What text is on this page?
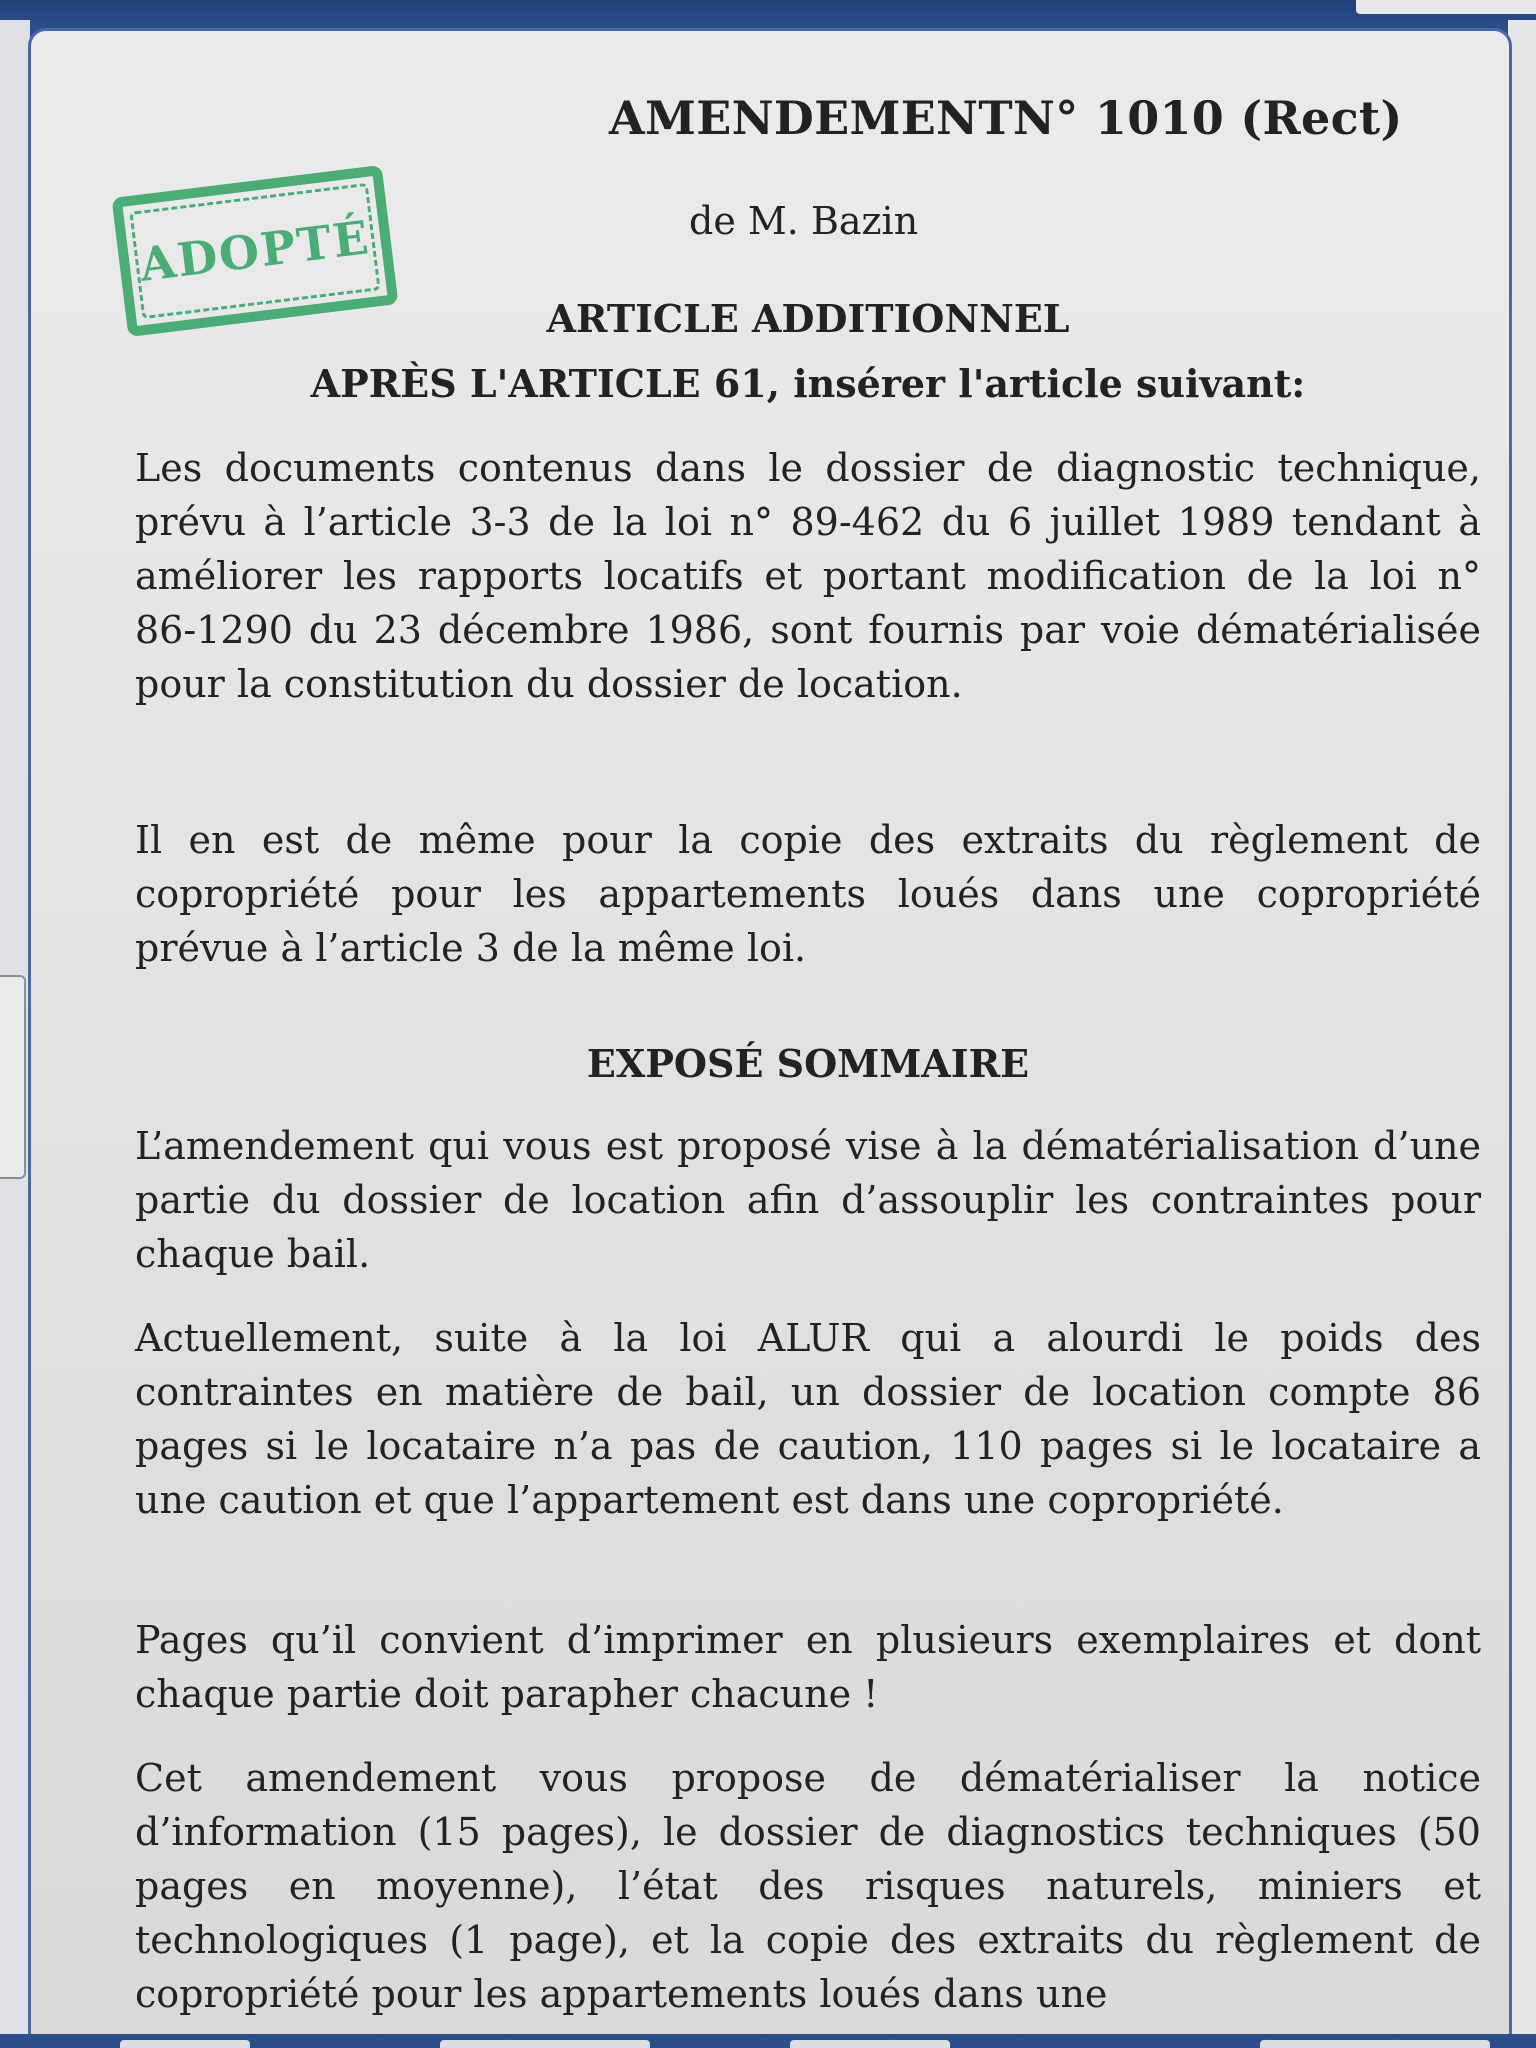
ADOPTÉ
AMENDEMENTN° 1010 (Rect)
de M. Bazin
ARTICLE ADDITIONNEL
APRÈS L'ARTICLE 61, insérer l'article suivant:
Les documents contenus dans le dossier de diagnostic technique, prévu à l’article 3‑3 de la loi n° 89‑462 du 6 juillet 1989 tendant à améliorer les rapports locatifs et portant modification de la loi n° 86‑1290 du 23 décembre 1986, sont fournis par voie dématérialisée pour la constitution du dossier de location.
Il en est de même pour la copie des extraits du règlement de copropriété pour les appartements loués dans une copropriété prévue à l’article 3 de la même loi.
EXPOSÉ SOMMAIRE
L’amendement qui vous est proposé vise à la dématérialisation d’une partie du dossier de location afin d’assouplir les contraintes pour chaque bail.
Actuellement, suite à la loi ALUR qui a alourdi le poids des contraintes en matière de bail, un dossier de location compte 86 pages si le locataire n’a pas de caution, 110 pages si le locataire a une caution et que l’appartement est dans une copropriété.
Pages qu’il convient d’imprimer en plusieurs exemplaires et dont chaque partie doit parapher chacune !
Cet amendement vous propose de dématérialiser la notice d’information (15 pages), le dossier de diagnostics techniques (50 pages en moyenne), l’état des risques naturels, miniers et technologiques (1 page), et la copie des extraits du règlement de copropriété pour les appartements loués dans une
